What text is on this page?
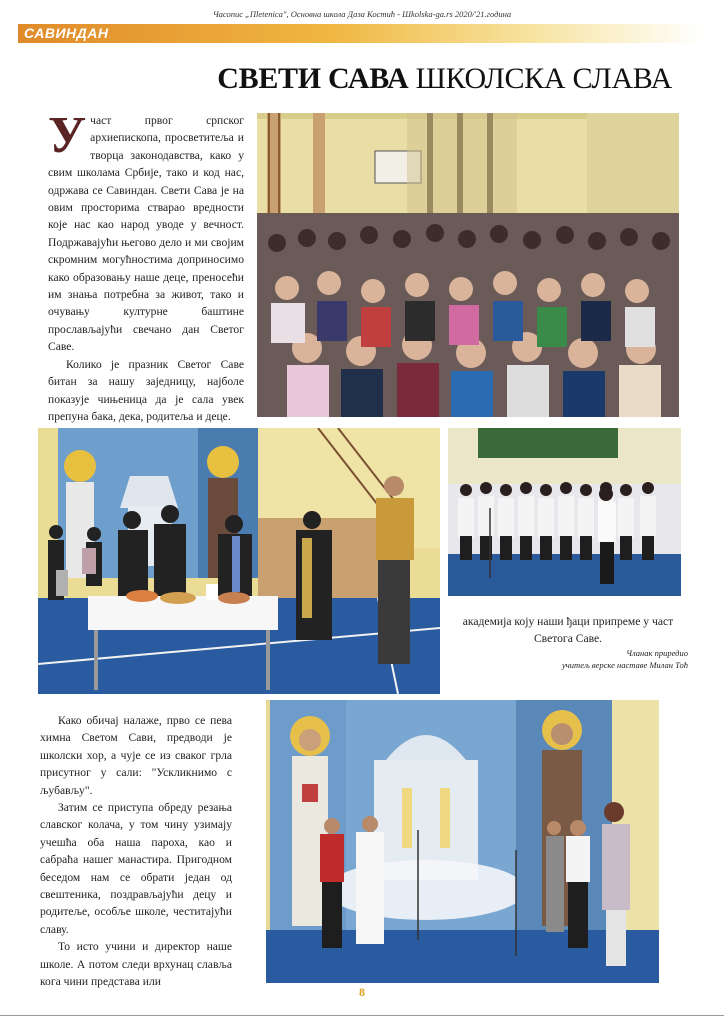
Часопис „Пletenica", Основна школа Даза Костић - Шkolska-ga.rs 2020/'21.година
САВИНДАН
СВЕТИ САВА ШКОЛСКА СЛАВА

Участ првог српског архиепископа, просветитеља и творца законодавства, како у свим школама Србије, тако и код нас, одржава се Савиндан. Свети Сава је на овим просторима стварао вредности које нас као народ уводе у вечност. Подржавајући његово дело и ми својим скромним могућностима доприносимо како образовању наше деце, преносећи им знања потребна за живот, тако и очувању културне баштине прослављајући свечано дан Светог Саве.

Колико је празник Светог Саве битан за нашу заједницу, најболе показује чињеница да је сала увек препуна бака, дека, родитеља и деце.

академија коју наши ђаци припреме у част Светога Саве.
Чланак приредио
учитељ верске наставе Милан Тоћ

Како обичај налаже, прво се пева химна Светом Сави, предводи је школски хор, а чује се из сваког грла присутног у сали: "Ускликнимо с љубављу".

Затим се приступа обреду резања славског колача, у том чину узимају учешћа оба наша пароха, као и сабраћа нашег манастира. Пригодном беседом нам се обрати један од свештеника, поздрављајући децу и родитеље, особље школе, честитајући славу.

То исто учини и директор наше школе. А потом следи врхунац славља кога чини представа или

8
